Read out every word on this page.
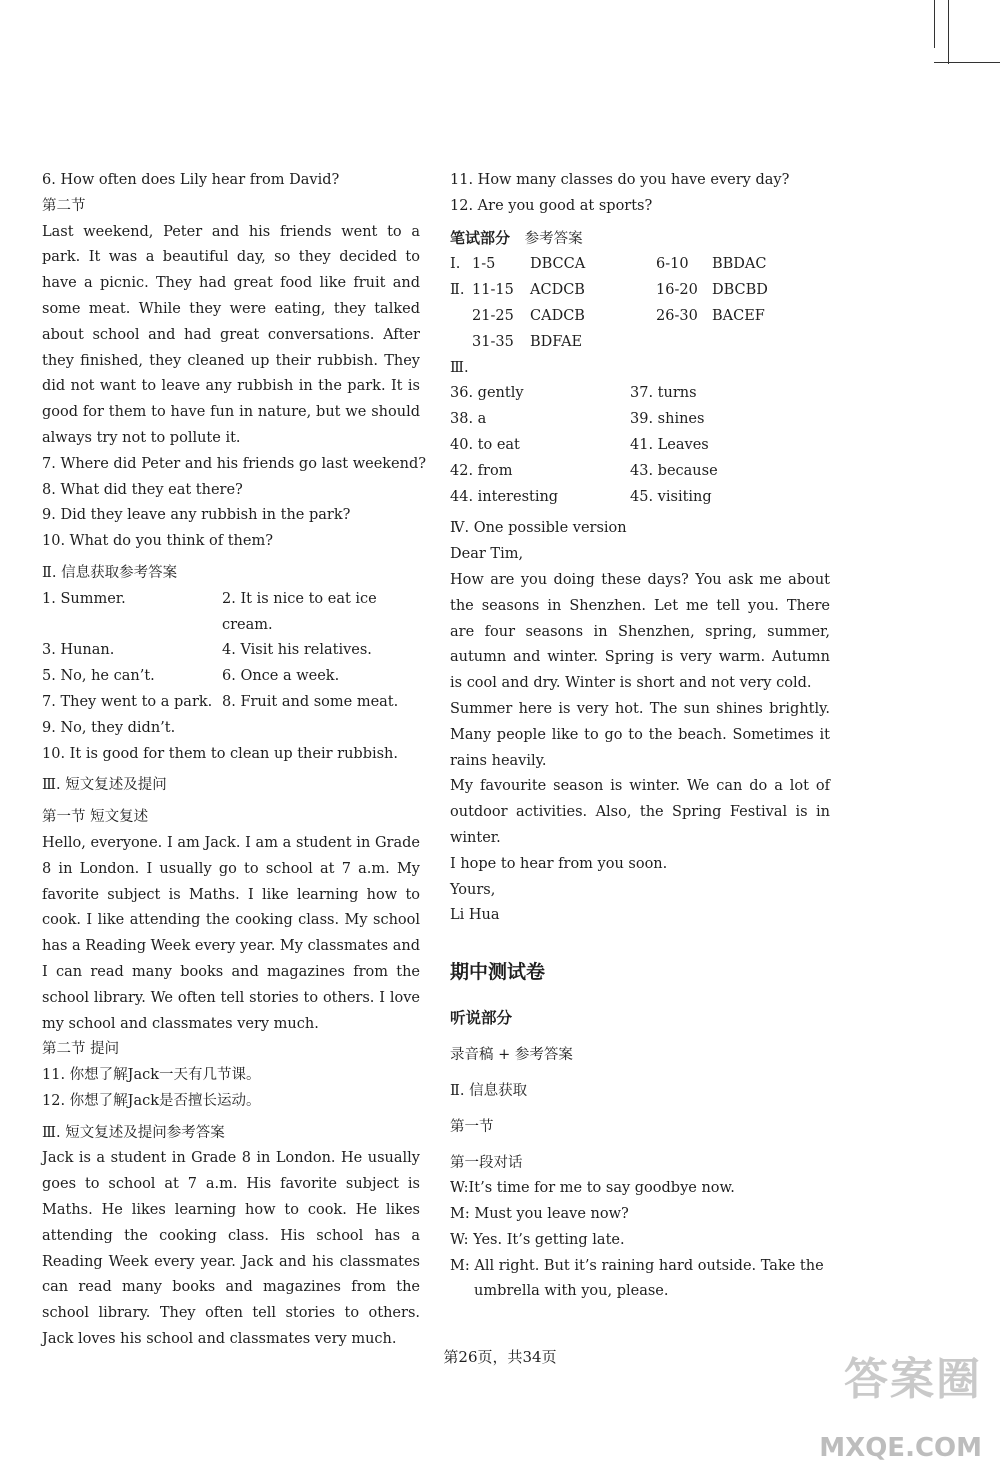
6. How often does Lily hear from David?
第二节

Last weekend, Peter and his friends went to a park. It was a beautiful day, so they decided to have a picnic. They had great food like fruit and some meat. While they were eating, they talked about school and had great conversations. After they finished, they cleaned up their rubbish. They did not want to leave any rubbish in the park. It is good for them to have fun in nature, but we should always try not to pollute it.

7. Where did Peter and his friends go last weekend?
8. What did they eat there?
9. Did they leave any rubbish in the park?
10. What do you think of them?
Ⅱ. 信息获取参考答案
1. Summer.	2. It is nice to eat ice cream.
3. Hunan.	4. Visit his relatives.
5. No, he can’t.	6. Once a week.
7. They went to a park. 8. Fruit and some meat.
9. No, they didn’t.
10. It is good for them to clean up their rubbish.
Ⅲ. 短文复述及提问
第一节 短文复述

Hello, everyone. I am Jack. I am a student in Grade 8 in London. I usually go to school at 7 a.m. My favorite subject is Maths. I like learning how to cook. I like attending the cooking class. My school has a Reading Week every year. My classmates and I can read many books and magazines from the school library. We often tell stories to others. I love my school and classmates very much.

第二节 提问
11. 你想了解Jack一天有几节课。
12. 你想了解Jack是否擅长运动。
Ⅲ. 短文复述及提问参考答案

Jack is a student in Grade 8 in London. He usually goes to school at 7 a.m. His favorite subject is Maths. He likes learning how to cook. He likes attending the cooking class. His school has a Reading Week every year. Jack and his classmates can read many books and magazines from the school library. They often tell stories to others. Jack loves his school and classmates very much.

11. How many classes do you have every day?
12. Are you good at sports?
笔试部分 参考答案
Ⅰ. 1-5	DBCCA	6-10	BBDAC
Ⅱ. 11-15	ACDCB	16-20 DBCBD
21-25	CADCB	26-30 BACEF
31-35	BDFAE
Ⅲ.
36. gently	37. turns
38. a	39. shines
40. to eat	41. Leaves
42. from	43. because
44. interesting	45. visiting
Ⅳ. One possible version
Dear Tim,

How are you doing these days? You ask me about the seasons in Shenzhen. Let me tell you. There are four seasons in Shenzhen, spring, summer, autumn and winter. Spring is very warm. Autumn is cool and dry. Winter is short and not very cold.

Summer here is very hot. The sun shines brightly. Many people like to go to the beach. Sometimes it rains heavily.

My favourite season is winter. We can do a lot of outdoor activities. Also, the Spring Festival is in winter.

I hope to hear from you soon.
Yours,
Li Hua
期中测试卷
听说部分
录音稿 + 参考答案
Ⅱ. 信息获取
第一节
第一段对话
W:It’s time for me to say goodbye now.
M: Must you leave now?
W: Yes. It’s getting late.
M: All right. But it’s raining hard outside. Take the
umbrella with you, please.
第26页，共34页	答案圈
MXQE.COM
